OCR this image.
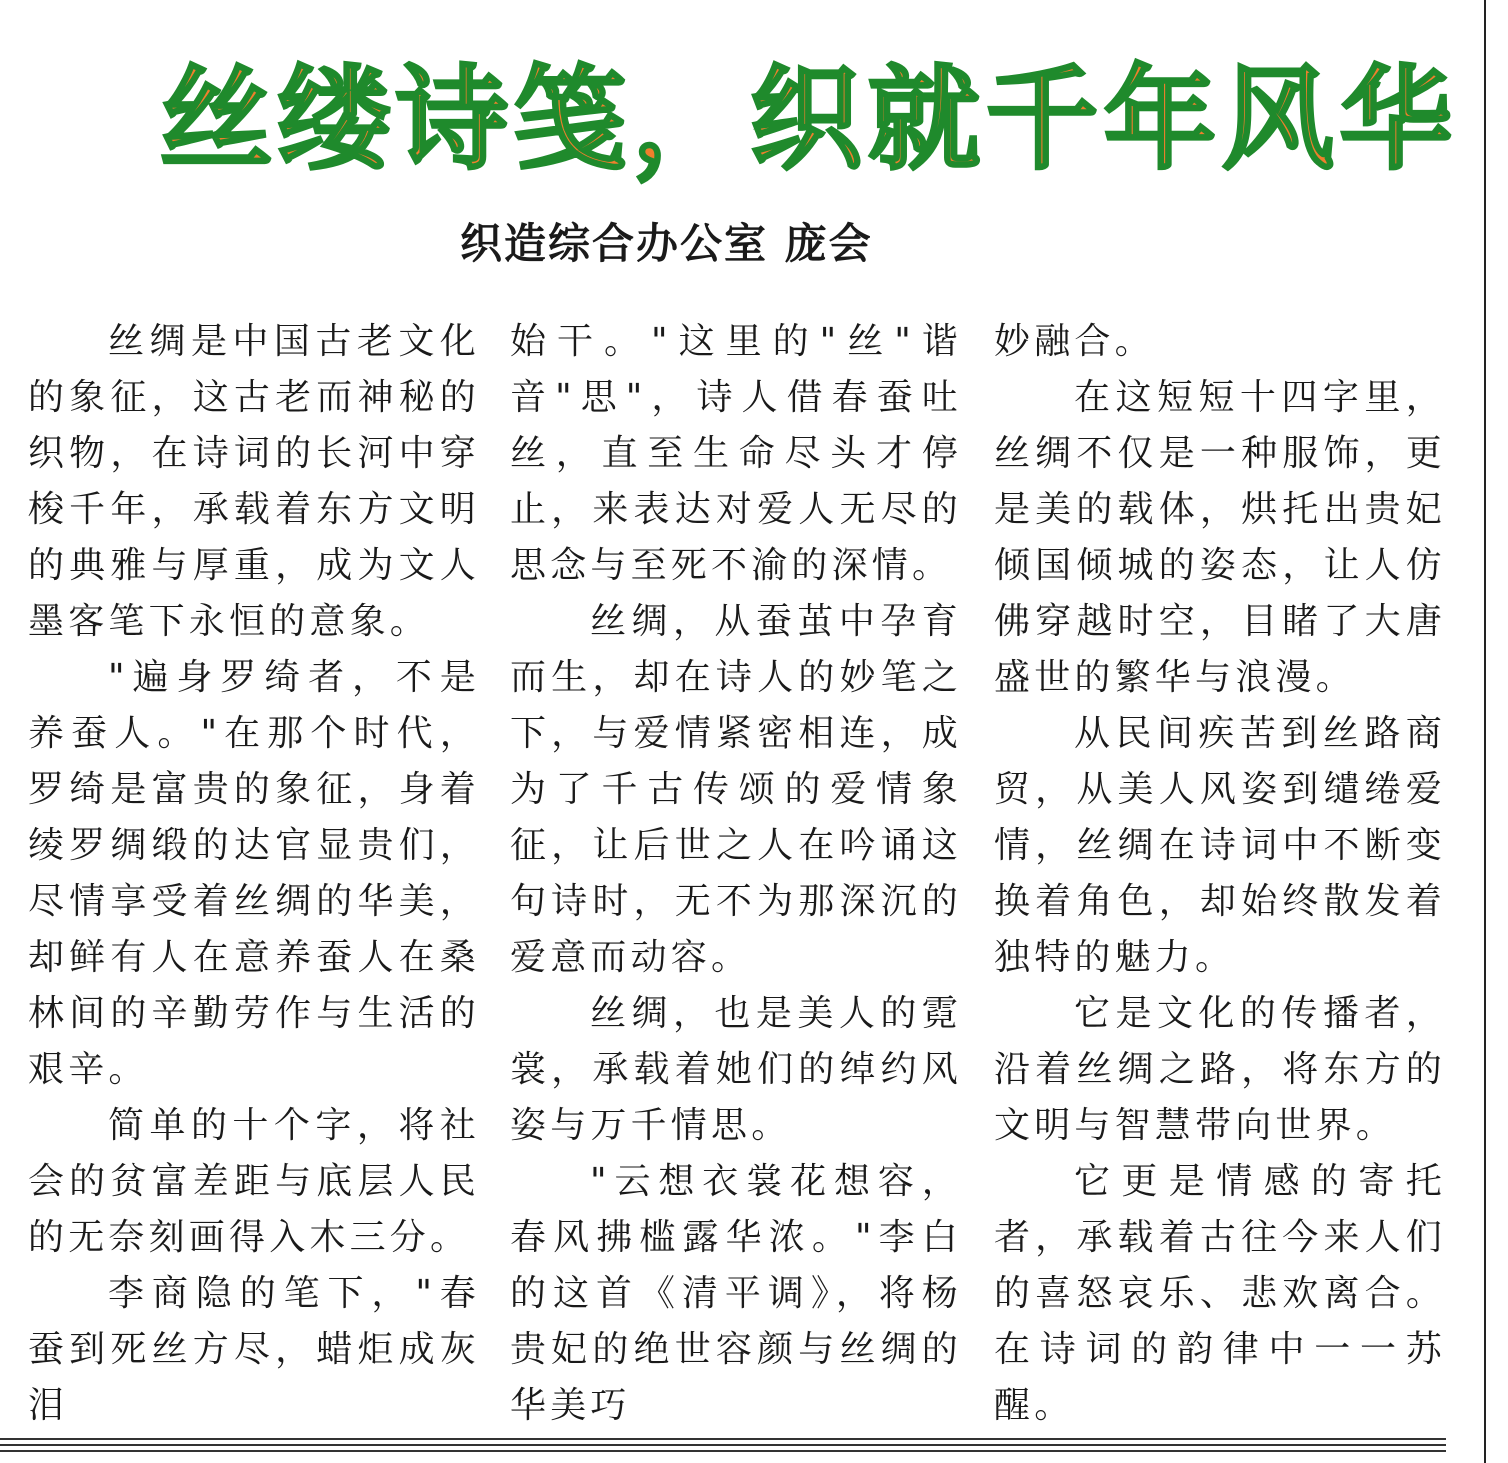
丝缕诗笺，织就千年风华
织造综合办公室 庞会

丝绸是中国古老文化的象征，这古老而神秘的织物，在诗词的长河中穿梭千年，承载着东方文明的典雅与厚重，成为文人墨客笔下永恒的意象。

"遍身罗绮者，不是养蚕人。"在那个时代，罗绮是富贵的象征，身着绫罗绸缎的达官显贵们，尽情享受着丝绸的华美，却鲜有人在意养蚕人在桑林间的辛勤劳作与生活的艰辛。

简单的十个字，将社会的贫富差距与底层人民的无奈刻画得入木三分。

李商隐的笔下，"春蚕到死丝方尽，蜡炬成灰泪

始干。"这里的"丝"谐音"思"，诗人借春蚕吐丝，直至生命尽头才停止，来表达对爱人无尽的思念与至死不渝的深情。

丝绸，从蚕茧中孕育而生，却在诗人的妙笔之下，与爱情紧密相连，成为了千古传颂的爱情象征，让后世之人在吟诵这句诗时，无不为那深沉的爱意而动容。

丝绸，也是美人的霓裳，承载着她们的绰约风姿与万千情思。

"云想衣裳花想容，春风拂槛露华浓。"李白的这首《清平调》，将杨贵妃的绝世容颜与丝绸的华美巧

妙融合。

在这短短十四字里，丝绸不仅是一种服饰，更是美的载体，烘托出贵妃倾国倾城的姿态，让人仿佛穿越时空，目睹了大唐盛世的繁华与浪漫。

从民间疾苦到丝路商贸，从美人风姿到缱绻爱情，丝绸在诗词中不断变换着角色，却始终散发着独特的魅力。

它是文化的传播者，沿着丝绸之路，将东方的文明与智慧带向世界。

它更是情感的寄托者，承载着古往今来人们的喜怒哀乐、悲欢离合。在诗词的韵律中一一苏醒。
